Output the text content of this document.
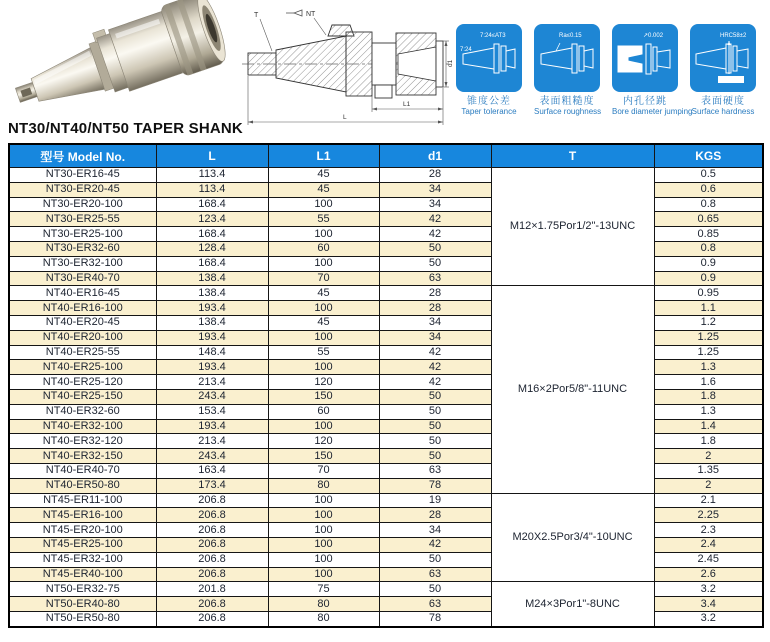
T	NT
d1
L1
L
7:24
7:24≤AT3
锥度公差
Taper tolerance
Ra≤0.15
表面粗糙度
Surface roughness
↗0.002
内孔径跳
Bore diameter jumping
HRC58±2
表面硬度
Surface hardness
NT30/NT40/NT50 TAPER SHANK
型号 Model No.	L	L1	d1	T	KGS
NT30-ER16-45	113.4	45	28	M12×1.75Por1/2"-13UNC	0.5
NT30-ER20-45	113.4	45	34		0.6
NT30-ER20-100	168.4	100	34		0.8
NT30-ER25-55	123.4	55	42		0.65
NT30-ER25-100	168.4	100	42		0.85
NT30-ER32-60	128.4	60	50		0.8
NT30-ER32-100	168.4	100	50		0.9
NT30-ER40-70	138.4	70	63		0.9
NT40-ER16-45	138.4	45	28	M16×2Por5/8"-11UNC	0.95
NT40-ER16-100	193.4	100	28		1.1
NT40-ER20-45	138.4	45	34		1.2
NT40-ER20-100	193.4	100	34		1.25
NT40-ER25-55	148.4	55	42		1.25
NT40-ER25-100	193.4	100	42		1.3
NT40-ER25-120	213.4	120	42		1.6
NT40-ER25-150	243.4	150	50		1.8
NT40-ER32-60	153.4	60	50		1.3
NT40-ER32-100	193.4	100	50		1.4
NT40-ER32-120	213.4	120	50		1.8
NT40-ER32-150	243.4	150	50		2
NT40-ER40-70	163.4	70	63		1.35
NT40-ER50-80	173.4	80	78		2
NT45-ER11-100	206.8	100	19	M20X2.5Por3/4"-10UNC	2.1
NT45-ER16-100	206.8	100	28		2.25
NT45-ER20-100	206.8	100	34		2.3
NT45-ER25-100	206.8	100	42		2.4
NT45-ER32-100	206.8	100	50		2.45
NT45-ER40-100	206.8	100	63		2.6
NT50-ER32-75	201.8	75	50	M24×3Por1"-8UNC	3.2
NT50-ER40-80	206.8	80	63		3.4
NT50-ER50-80	206.8	80	78		3.2
